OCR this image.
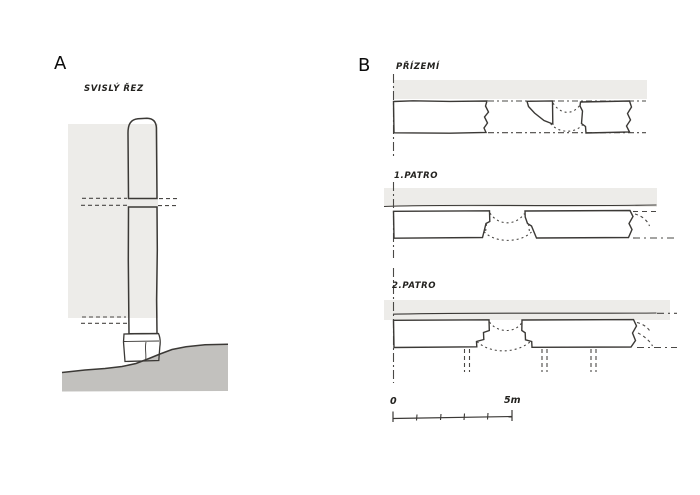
A
SVISLÝ ŘEZ
B	PŘÍZEMÍ
1.PATRO
2.PATRO
0	5m
